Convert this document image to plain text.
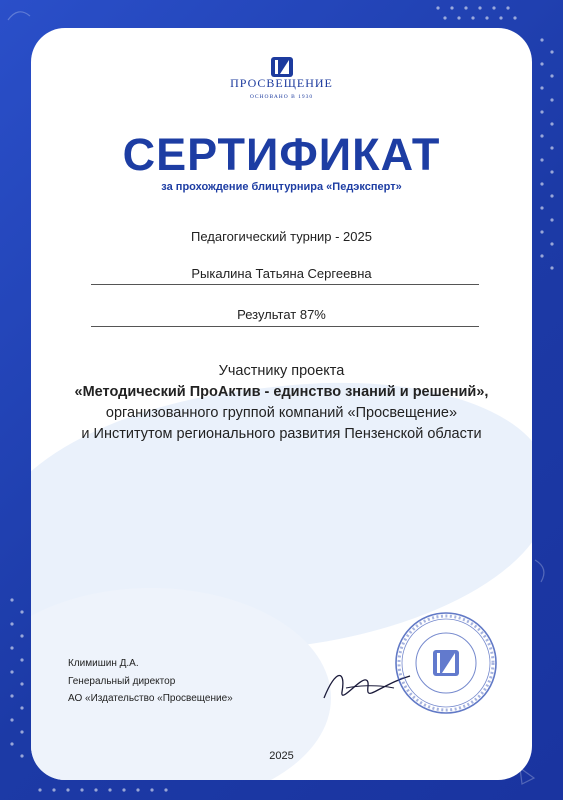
ПРОСВЕЩЕНИЕ
ОСНОВАНО В 1930
СЕРТИФИКАТ
за прохождение блицтурнира «Педэксперт»
Педагогический турнир - 2025
Рыкалина Татьяна Сергеевна
Результат 87%
Участнику проекта
«Методический ПроАктив - единство знаний и решений»,
организованного группой компаний «Просвещение»
и Институтом регионального развития Пензенской области
Климишин Д.А.
Генеральный директор
АО «Издательство «Просвещение»
2025
